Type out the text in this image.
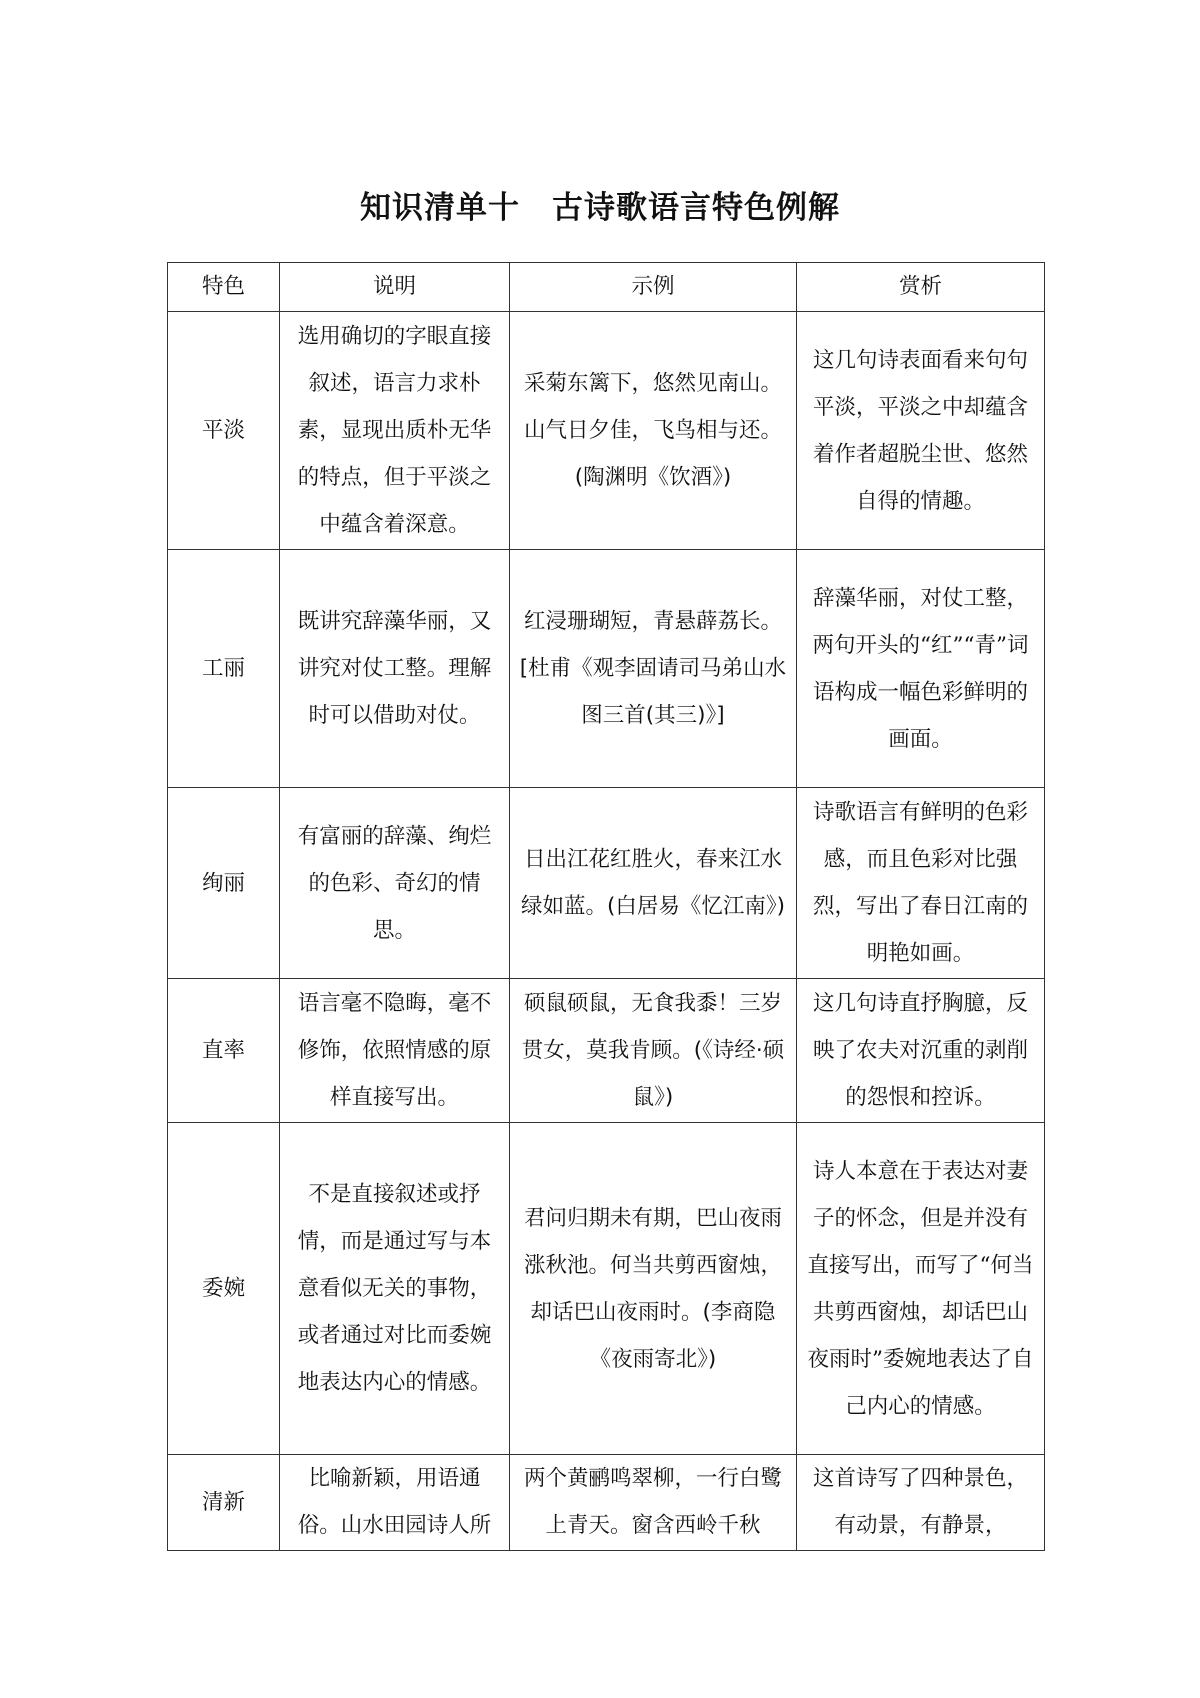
知识清单十　古诗歌语言特色例解
特色	说明	示例	赏析
平淡	选用确切的字眼直接叙述，语言力求朴素，显现出质朴无华的特点，但于平淡之中蕴含着深意。	采菊东篱下，悠然见南山。山气日夕佳，飞鸟相与还。(陶渊明《饮酒》)	这几句诗表面看来句句平淡，平淡之中却蕴含着作者超脱尘世、悠然自得的情趣。
工丽	既讲究辞藻华丽，又讲究对仗工整。理解时可以借助对仗。	红浸珊瑚短，青悬薜荔长。[杜甫《观李固请司马弟山水图三首(其三)》]	辞藻华丽，对仗工整，两句开头的“红”“青”词语构成一幅色彩鲜明的画面。
绚丽	有富丽的辞藻、绚烂的色彩、奇幻的情思。	日出江花红胜火，春来江水绿如蓝。(白居易《忆江南》)	诗歌语言有鲜明的色彩感，而且色彩对比强烈，写出了春日江南的明艳如画。
直率	语言毫不隐晦，毫不修饰，依照情感的原样直接写出。	硕鼠硕鼠，无食我黍！三岁贯女，莫我肯顾。(《诗经·硕鼠》)	这几句诗直抒胸臆，反映了农夫对沉重的剥削的怨恨和控诉。
委婉	不是直接叙述或抒情，而是通过写与本意看似无关的事物，或者通过对比而委婉地表达内心的情感。	君问归期未有期，巴山夜雨涨秋池。何当共剪西窗烛，却话巴山夜雨时。(李商隐《夜雨寄北》)	诗人本意在于表达对妻子的怀念，但是并没有直接写出，而写了“何当共剪西窗烛，却话巴山夜雨时”委婉地表达了自己内心的情感。
清新	比喻新颖，用语通俗。山水田园诗人所	两个黄鹂鸣翠柳，一行白鹭上青天。窗含西岭千秋	这首诗写了四种景色，有动景，有静景，
